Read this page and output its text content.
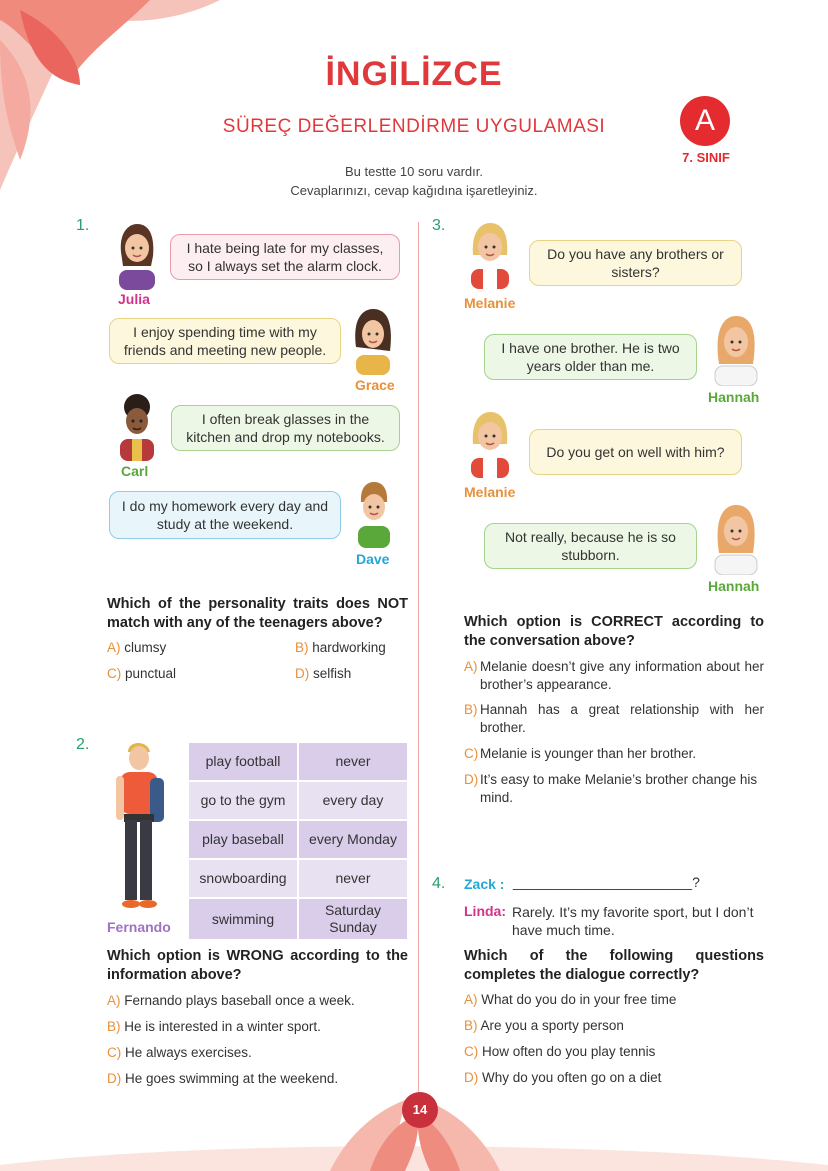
İNGİLİZCE
SÜREÇ DEĞERLENDİRME UYGULAMASI
Bu testte 10 soru vardır.
Cevaplarınızı, cevap kağıdına işaretleyiniz.
A
7. SINIF
1.
I hate being late for my classes, so I always set the alarm clock.
Julia
I enjoy spending time with my friends and meeting new people.
Grace
I often break glasses in the kitchen and drop my notebooks.
Carl
I do my homework every day and study at the weekend.
Dave
Which of the personality traits does NOT match with any of the teenagers above?
A) clumsy	B) hardworking
C) punctual	D) selfish
2.
Fernando
play football	never
go to the gym	every day
play baseball	every Monday
snowboarding	never
swimming	Saturday Sunday
Which option is WRONG according to the information above?
A) Fernando plays baseball once a week.
B) He is interested in a winter sport.
C) He always exercises.
D) He goes swimming at the weekend.
3.
Do you have any brothers or sisters?
Melanie
I have one brother. He is two years older than me.
Hannah
Do you get on well with him?
Melanie
Not really, because he is so stubborn.
Hannah
Which option is CORRECT according to the conversation above?
A) Melanie doesn’t give any information about her brother’s appearance.
B) Hannah has a great relationship with her brother.
C) Melanie is younger than her brother.
D) It’s easy to make Melanie’s brother change his mind.
4. Zack : _______________________?
Linda: Rarely. It’s my favorite sport, but I don’t have much time.
Which of the following questions completes the dialogue correctly?
A) What do you do in your free time
B) Are you a sporty person
C) How often do you play tennis
D) Why do you often go on a diet
14
